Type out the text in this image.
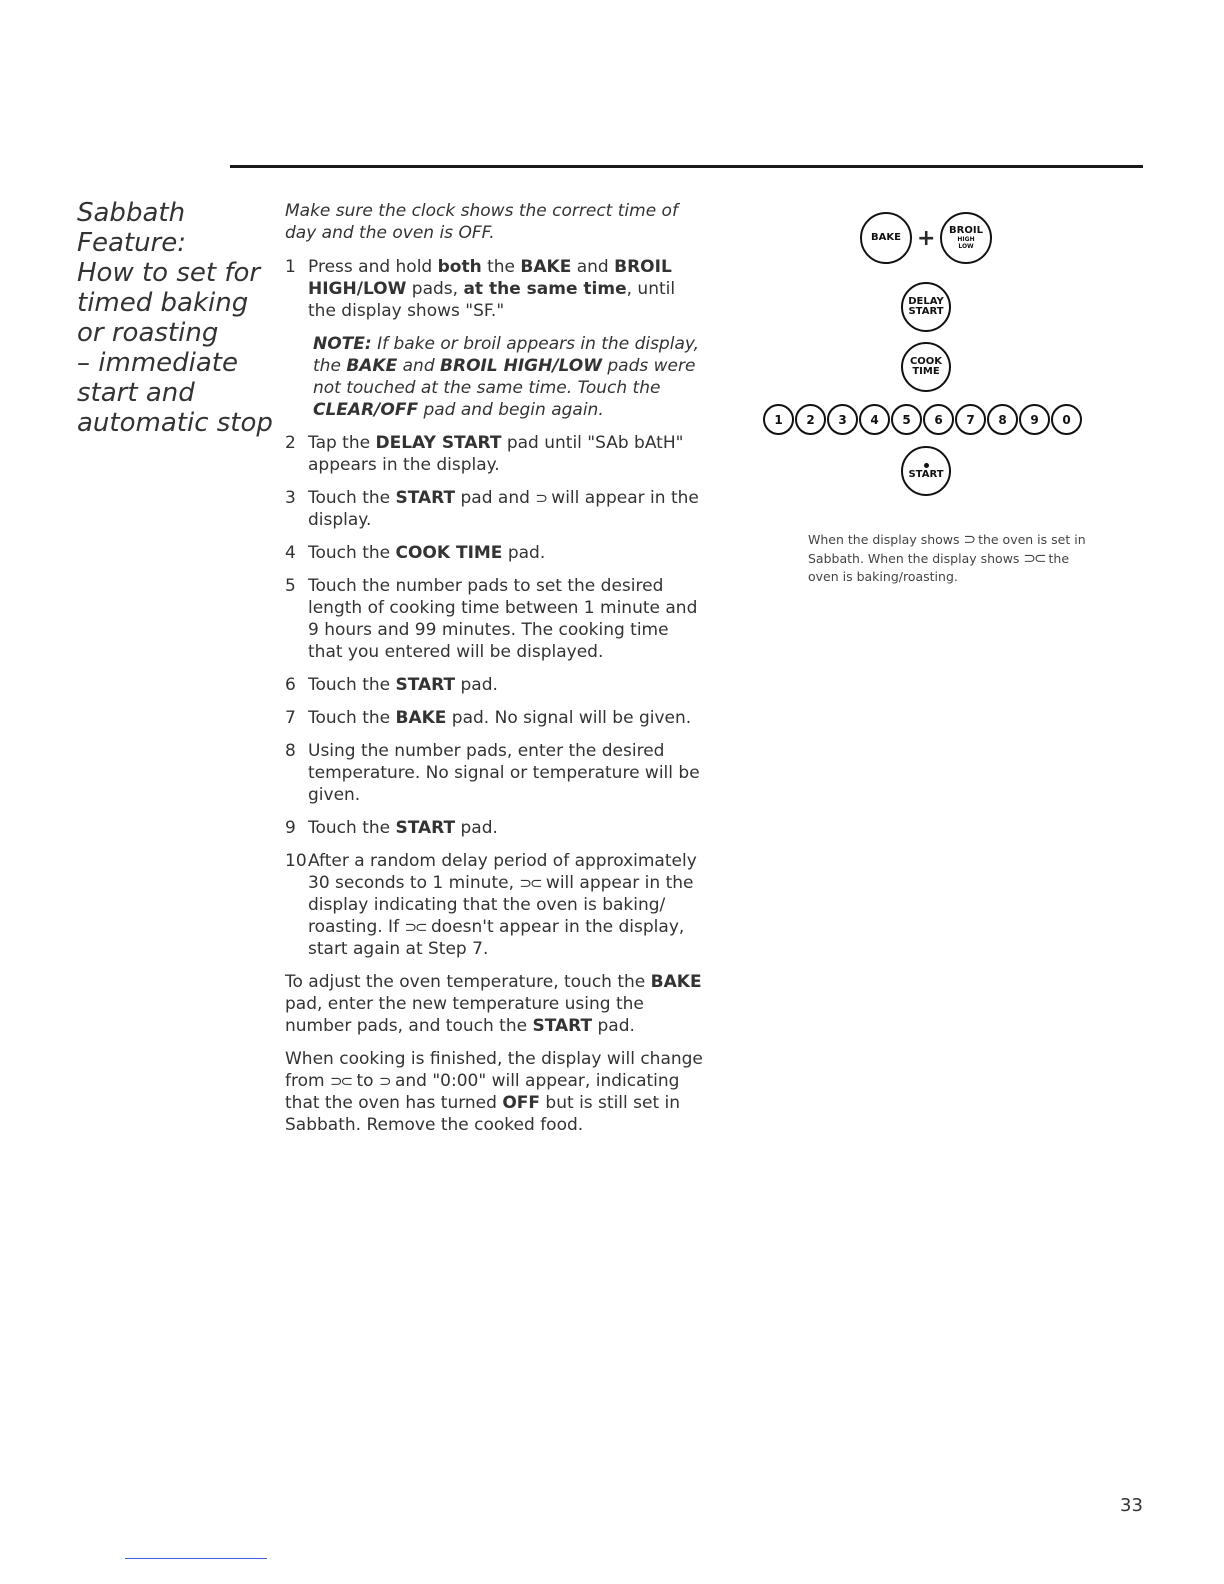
Sabbath
Feature:
How to set for
timed baking
or roasting
– immediate
start and
automatic stop

Make sure the clock shows the correct time of day and the oven is OFF.

1 Press and hold both the BAKE and BROIL HIGH/LOW pads, at the same time, until the display shows "SF."
NOTE: If bake or broil appears in the display, the BAKE and BROIL HIGH/LOW pads were not touched at the same time. Touch the CLEAR/OFF pad and begin again.
2 Tap the DELAY START pad until "SAb bAtH" appears in the display.
3 Touch the START pad and ⊃ will appear in the display.
4 Touch the COOK TIME pad.
5 Touch the number pads to set the desired length of cooking time between 1 minute and 9 hours and 99 minutes. The cooking time that you entered will be displayed.
6 Touch the START pad.
7 Touch the BAKE pad. No signal will be given.
8 Using the number pads, enter the desired temperature. No signal or temperature will be given.
9 Touch the START pad.
10 After a random delay period of approximately 30 seconds to 1 minute, ⊃⊂ will appear in the display indicating that the oven is baking/ roasting. If ⊃⊂ doesn't appear in the display, start again at Step 7.

To adjust the oven temperature, touch the BAKE pad, enter the new temperature using the number pads, and touch the START pad.

When cooking is finished, the display will change from ⊃⊂ to ⊃ and "0:00" will appear, indicating that the oven has turned OFF but is still set in Sabbath. Remove the cooked food.

BAKE + BROIL
HIGH
LOW
DELAY
START
COOK
TIME
1	2	3	4	5	6	7	8	9	0
START
When the display shows ⊃ the oven is set in Sabbath. When the display shows ⊃⊂ the oven is baking/roasting.
33
